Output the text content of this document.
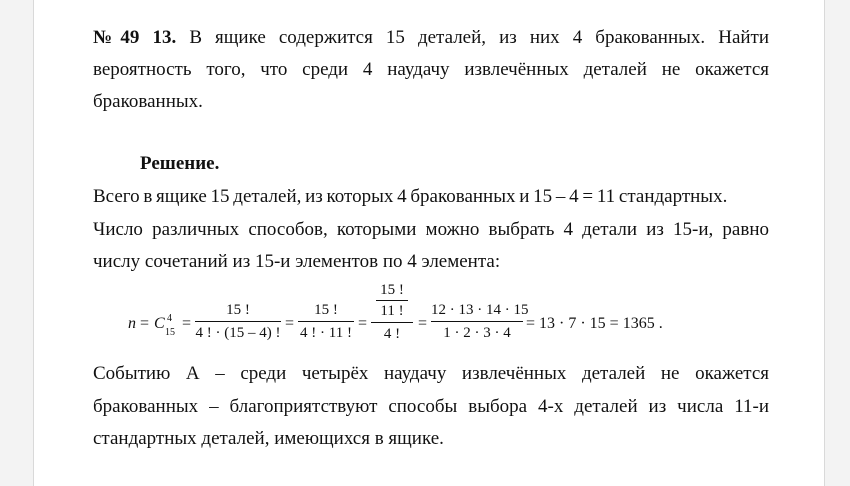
№49 13. В ящике содержится 15 деталей, из них 4 бракованных. Найти
вероятность того, что среди 4 наудачу извлечённых деталей не окажется
бракованных.
Решение.
Всего в ящике 15 деталей, из которых 4 бракованных и 15 – 4 = 11 стандартных.
Число различных способов, которыми можно выбрать 4 детали из 15-и, равно
числу сочетаний из 15-и элементов по 4 элемента:
n = C 4
15
=
15 !
4 ! · (15 – 4) !
=
15 !
4 ! · 11 !
=
15 !
11 !
4 !
=
12 · 13 · 14 · 15
1 · 2 · 3 · 4
= 13 · 7 · 15 = 1365 .
Событию А – среди четырёх наудачу извлечённых деталей не окажется
бракованных – благоприятствуют способы выбора 4-х деталей из числа 11-и
стандартных деталей, имеющихся в ящике.
